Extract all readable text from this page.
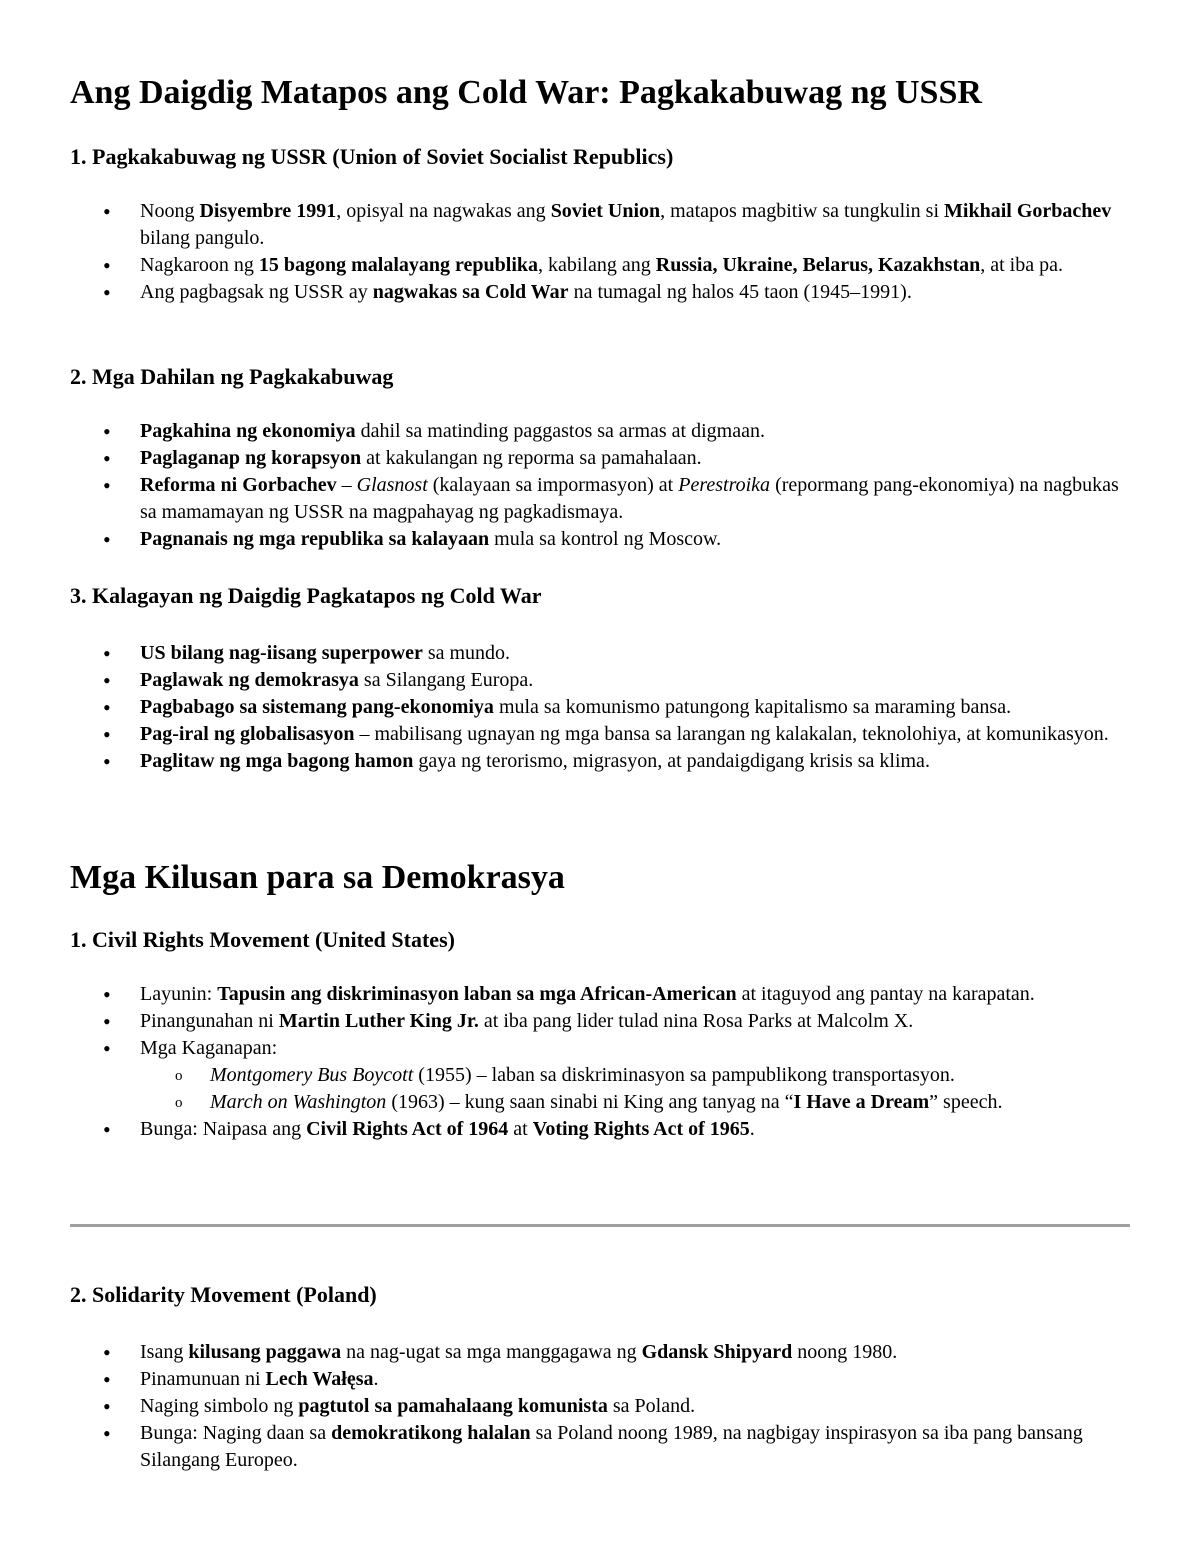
Ang Daigdig Matapos ang Cold War: Pagkakabuwag ng USSR
1. Pagkakabuwag ng USSR (Union of Soviet Socialist Republics)
• Noong Disyembre 1991, opisyal na nagwakas ang Soviet Union, matapos magbitiw sa tungkulin si Mikhail Gorbachev bilang pangulo.
• Nagkaroon ng 15 bagong malalayang republika, kabilang ang Russia, Ukraine, Belarus, Kazakhstan, at iba pa.
• Ang pagbagsak ng USSR ay nagwakas sa Cold War na tumagal ng halos 45 taon (1945–1991).
2. Mga Dahilan ng Pagkakabuwag
• Pagkahina ng ekonomiya dahil sa matinding paggastos sa armas at digmaan.
• Paglaganap ng korapsyon at kakulangan ng reporma sa pamahalaan.
• Reforma ni Gorbachev – Glasnost (kalayaan sa impormasyon) at Perestroika (repormang pang-ekonomiya) na nagbukas sa mamamayan ng USSR na magpahayag ng pagkadismaya.
• Pagnanais ng mga republika sa kalayaan mula sa kontrol ng Moscow.
3. Kalagayan ng Daigdig Pagkatapos ng Cold War
• US bilang nag-iisang superpower sa mundo.
• Paglawak ng demokrasya sa Silangang Europa.
• Pagbabago sa sistemang pang-ekonomiya mula sa komunismo patungong kapitalismo sa maraming bansa.
• Pag-iral ng globalisasyon – mabilisang ugnayan ng mga bansa sa larangan ng kalakalan, teknolohiya, at komunikasyon.
• Paglitaw ng mga bagong hamon gaya ng terorismo, migrasyon, at pandaigdigang krisis sa klima.
Mga Kilusan para sa Demokrasya
1. Civil Rights Movement (United States)
• Layunin: Tapusin ang diskriminasyon laban sa mga African-American at itaguyod ang pantay na karapatan.
• Pinangunahan ni Martin Luther King Jr. at iba pang lider tulad nina Rosa Parks at Malcolm X.
• Mga Kaganapan:
o Montgomery Bus Boycott (1955) – laban sa diskriminasyon sa pampublikong transportasyon.
o March on Washington (1963) – kung saan sinabi ni King ang tanyag na “I Have a Dream” speech.
• Bunga: Naipasa ang Civil Rights Act of 1964 at Voting Rights Act of 1965.
2. Solidarity Movement (Poland)
• Isang kilusang paggawa na nag-ugat sa mga manggagawa ng Gdansk Shipyard noong 1980.
• Pinamunuan ni Lech Wałęsa.
• Naging simbolo ng pagtutol sa pamahalaang komunista sa Poland.
• Bunga: Naging daan sa demokratikong halalan sa Poland noong 1989, na nagbigay inspirasyon sa iba pang bansang Silangang Europeo.
